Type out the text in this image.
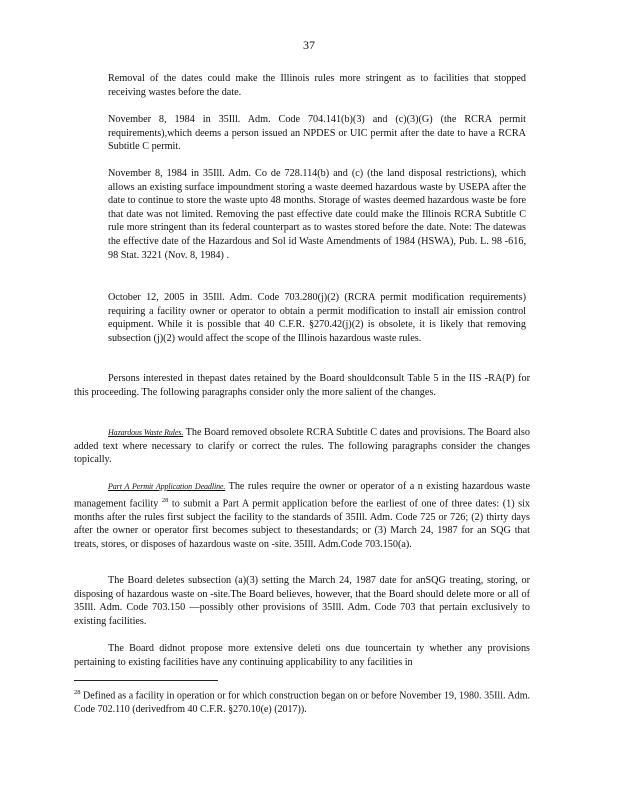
37

Removal of the dates could make the Illinois rules more stringent as to facilities that stopped receiving wastes before the date.

November 8, 1984 in 35Ill. Adm. Code 704.141(b)(3) and (c)(3)(G) (the RCRA permit requirements),which deems a person issued an NPDES or UIC permit after the date to have a RCRA Subtitle C permit.

November 8, 1984 in 35Ill. Adm. Co de 728.114(b) and (c) (the land disposal restrictions), which allows an existing surface impoundment storing a waste deemed hazardous waste by USEPA after the date to continue to store the waste upto 48 months. Storage of wastes deemed hazardous waste be fore that date was not limited. Removing the past effective date could make the Illinois RCRA Subtitle C rule more stringent than its federal counterpart as to wastes stored before the date. Note: The datewas the effective date of the Hazardous and Sol id Waste Amendments of 1984 (HSWA), Pub. L. 98 -616, 98 Stat. 3221 (Nov. 8, 1984) .

October 12, 2005 in 35Ill. Adm. Code 703.280(j)(2) (RCRA permit modification requirements) requiring a facility owner or operator to obtain a permit modification to install air emission control equipment. While it is possible that 40 C.F.R. §270.42(j)(2) is obsolete, it is likely that removing subsection (j)(2) would affect the scope of the Illinois hazardous waste rules.

Persons interested in thepast dates retained by the Board shouldconsult Table 5 in the IIS -RA(P) for this proceeding. The following paragraphs consider only the more salient of the changes.

Hazardous Waste Rules. The Board removed obsolete RCRA Subtitle C dates and provisions. The Board also added text where necessary to clarify or correct the rules. The following paragraphs consider the changes topically.

Part A Permit Application Deadline. The rules require the owner or operator of a n existing hazardous waste management facility $^{28}$ to submit a Part A permit application before the earliest of one of three dates: (1) six months after the rules first subject the facility to the standards of 35Ill. Adm. Code 725 or 726; (2) thirty days after the owner or operator first becomes subject to thesestandards; or (3) March 24, 1987 for an SQG that treats, stores, or disposes of hazardous waste on -site. 35Ill. Adm.Code 703.150(a).

The Board deletes subsection (a)(3) setting the March 24, 1987 date for anSQG treating, storing, or disposing of hazardous waste on -site.The Board believes, however, that the Board should delete more or all of 35Ill. Adm. Code 703.150 —possibly other provisions of 35Ill. Adm. Code 703 that pertain exclusively to existing facilities.

The Board didnot propose more extensive deleti ons due touncertain ty whether any provisions pertaining to existing facilities have any continuing applicability to any facilities in

$^{28}$ Defined as a facility in operation or for which construction began on or before November 19, 1980. 35Ill. Adm. Code 702.110 (derivedfrom 40 C.F.R. §270.10(e) (2017)).
